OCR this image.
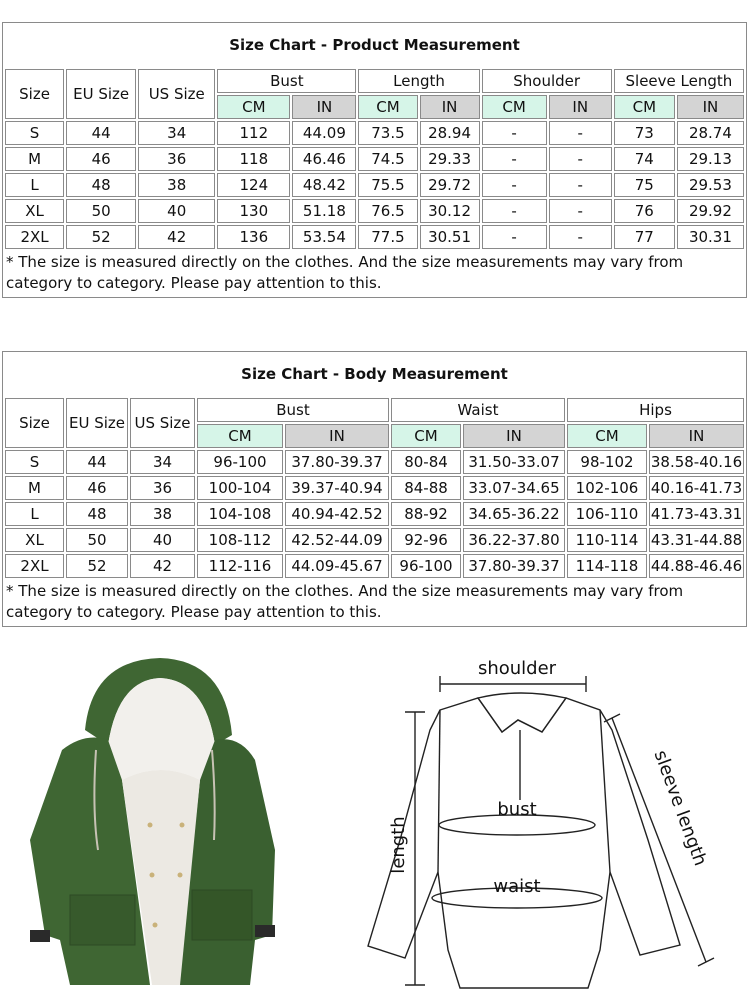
Size Chart - Product Measurement
Size	EU Size	US Size	Bust		Length		Shoulder		Sleeve Length	
			CM	IN	CM	IN	CM	IN	CM	IN
S	44	34	112	44.09	73.5	28.94	-	-	73	28.74
M	46	36	118	46.46	74.5	29.33	-	-	74	29.13
L	48	38	124	48.42	75.5	29.72	-	-	75	29.53
XL	50	40	130	51.18	76.5	30.12	-	-	76	29.92
2XL	52	42	136	53.54	77.5	30.51	-	-	77	30.31
* The size is measured directly on the clothes. And the size measurements may vary from category to category. Please pay attention to this.
Size Chart - Body Measurement
Size	EU Size	US Size	Bust		Waist		Hips	
			CM	IN	CM	IN	CM	IN
S	44	34	96-100	37.80-39.37	80-84	31.50-33.07	98-102	38.58-40.16
M	46	36	100-104	39.37-40.94	84-88	33.07-34.65	102-106	40.16-41.73
L	48	38	104-108	40.94-42.52	88-92	34.65-36.22	106-110	41.73-43.31
XL	50	40	108-112	42.52-44.09	92-96	36.22-37.80	110-114	43.31-44.88
2XL	52	42	112-116	44.09-45.67	96-100	37.80-39.37	114-118	44.88-46.46
* The size is measured directly on the clothes. And the size measurements may vary from category to category. Please pay attention to this.
shoulder
bust
waist
length	sleeve length
